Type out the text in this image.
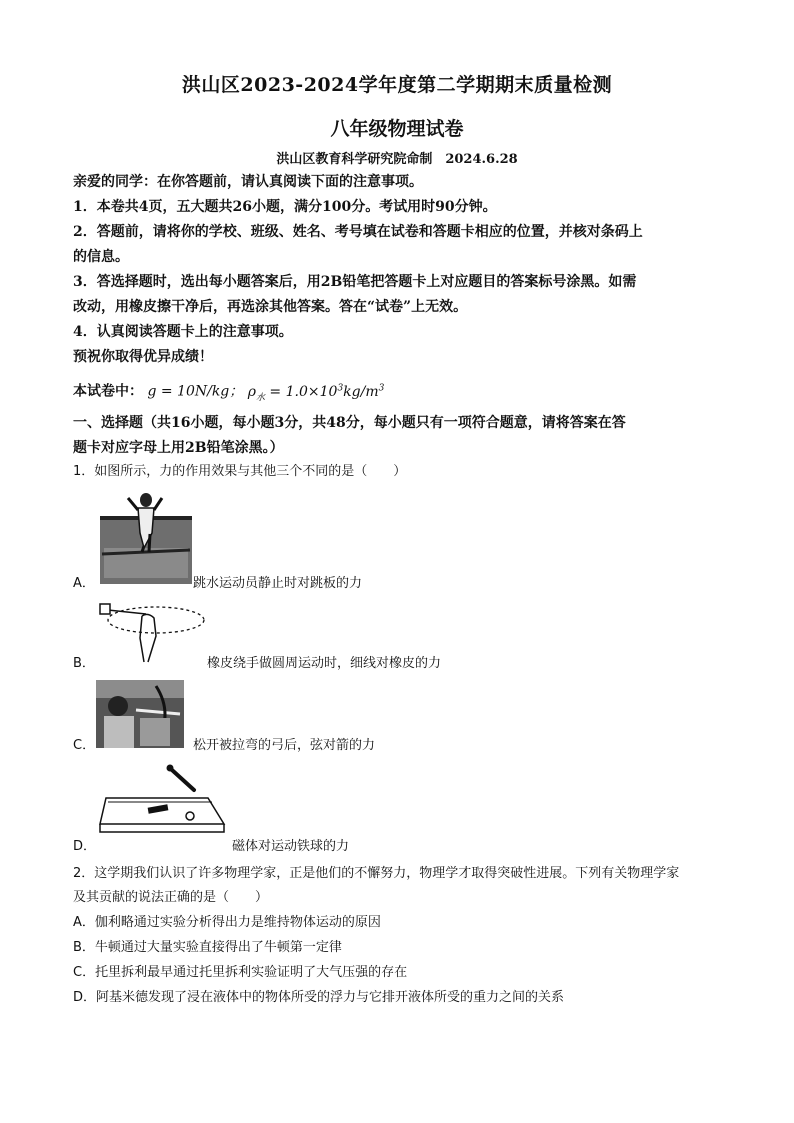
洪山区2023-2024学年度第二学期期末质量检测
八年级物理试卷
洪山区教育科学研究院命制　2024.6.28
亲爱的同学：在你答题前，请认真阅读下面的注意事项。
1．本卷共4页，五大题共26小题，满分100分。考试用时90分钟。
2．答题前，请将你的学校、班级、姓名、考号填在试卷和答题卡相应的位置，并核对条码上
的信息。
3．答选择题时，选出每小题答案后，用2B铅笔把答题卡上对应题目的答案标号涂黑。如需
改动，用橡皮擦干净后，再选涂其他答案。答在“试卷”上无效。
4．认真阅读答题卡上的注意事项。
预祝你取得优异成绩！
本试卷中： g = 10N/kg； $\rho_水 = 1.0\times 10^3kg/m^3$
一、选择题（共16小题，每小题3分，共48分，每小题只有一项符合题意，请将答案在答
题卡对应字母上用2B铅笔涂黑。）
1．如图所示，力的作用效果与其他三个不同的是（　　）
A．	跳水运动员静止时对跳板的力
B．	橡皮绕手做圆周运动时，细线对橡皮的力
C．	松开被拉弯的弓后，弦对箭的力
D．	磁体对运动铁球的力
2．这学期我们认识了许多物理学家，正是他们的不懈努力，物理学才取得突破性进展。下列有关物理学家
及其贡献的说法正确的是（　　）
A．伽利略通过实验分析得出力是维持物体运动的原因
B．牛顿通过大量实验直接得出了牛顿第一定律
C．托里拆利最早通过托里拆利实验证明了大气压强的存在
D．阿基米德发现了浸在液体中的物体所受的浮力与它排开液体所受的重力之间的关系
